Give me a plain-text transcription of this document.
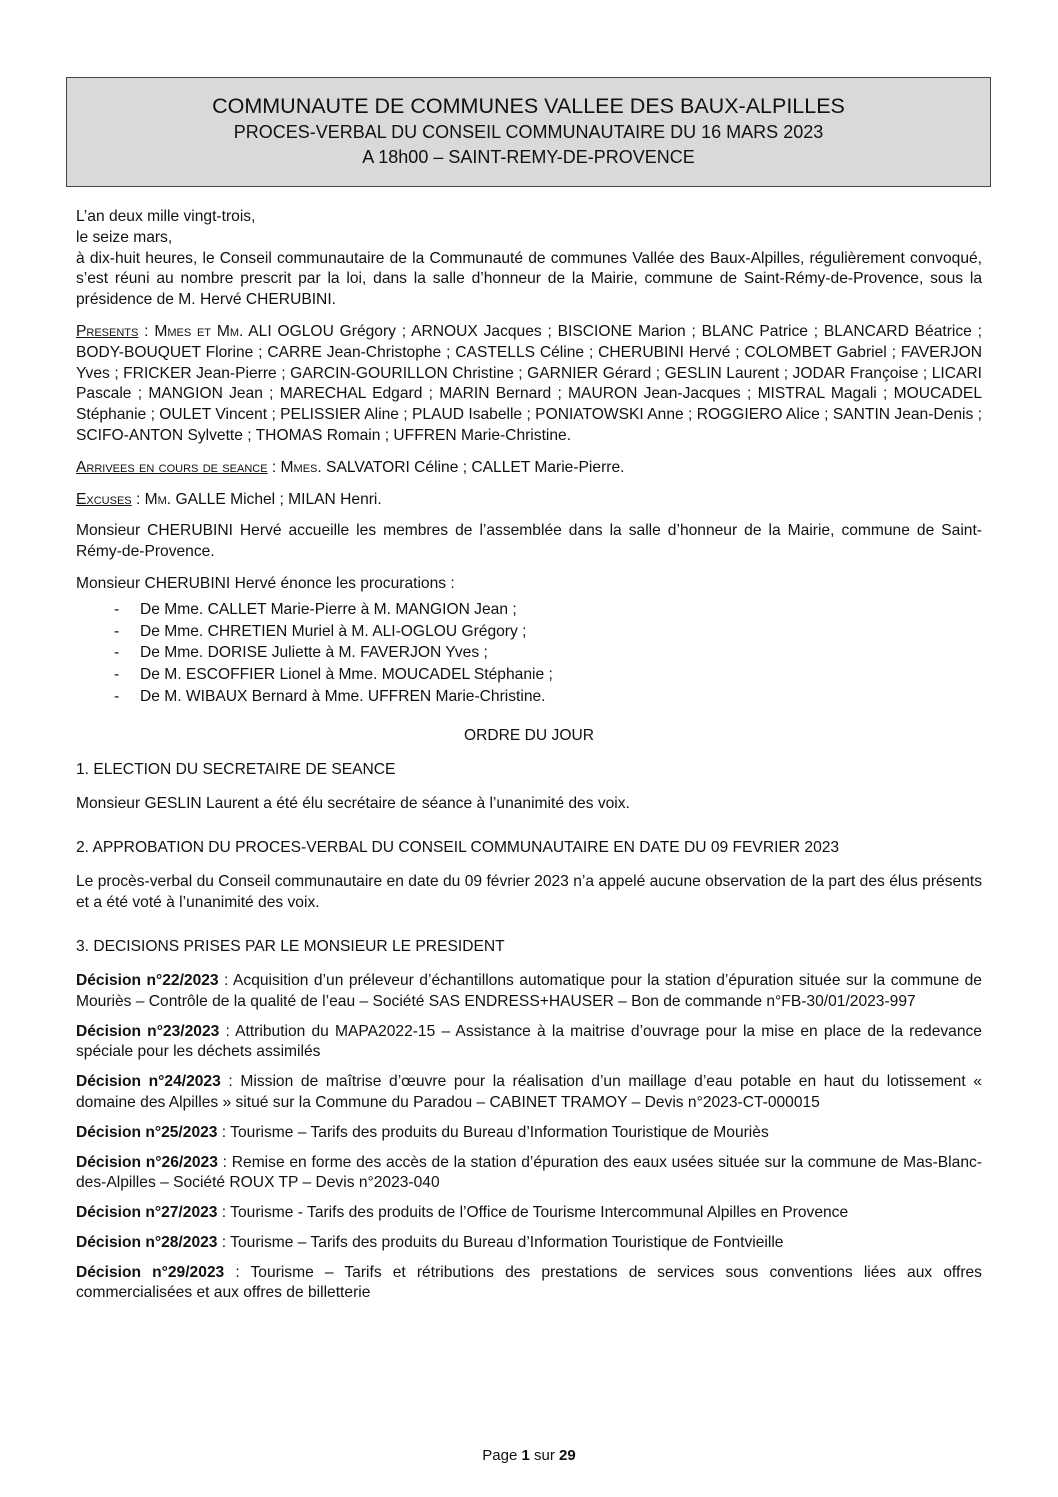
COMMUNAUTE DE COMMUNES VALLEE DES BAUX-ALPILLES
PROCES-VERBAL DU CONSEIL COMMUNAUTAIRE DU 16 MARS 2023
A 18h00 – SAINT-REMY-DE-PROVENCE

L’an deux mille vingt-trois,

le seize mars,

à dix-huit heures, le Conseil communautaire de la Communauté de communes Vallée des Baux-Alpilles, régulièrement convoqué, s’est réuni au nombre prescrit par la loi, dans la salle d’honneur de la Mairie, commune de Saint-Rémy-de-Provence, sous la présidence de M. Hervé CHERUBINI.

Presents : Mmes et Mm. ALI OGLOU Grégory ; ARNOUX Jacques ; BISCIONE Marion ; BLANC Patrice ; BLANCARD Béatrice ; BODY-BOUQUET Florine ; CARRE Jean-Christophe ; CASTELLS Céline ; CHERUBINI Hervé ; COLOMBET Gabriel ; FAVERJON Yves ; FRICKER Jean-Pierre ; GARCIN-GOURILLON Christine ; GARNIER Gérard ; GESLIN Laurent ; JODAR Françoise ; LICARI Pascale ; MANGION Jean ; MARECHAL Edgard ; MARIN Bernard ; MAURON Jean-Jacques ; MISTRAL Magali ; MOUCADEL Stéphanie ; OULET Vincent ; PELISSIER Aline ; PLAUD Isabelle ; PONIATOWSKI Anne ; ROGGIERO Alice ; SANTIN Jean-Denis ; SCIFO-ANTON Sylvette ; THOMAS Romain ; UFFREN Marie-Christine.

Arrivees en cours de seance : Mmes. SALVATORI Céline ; CALLET Marie-Pierre.

Excuses : Mm. GALLE Michel ; MILAN Henri.

Monsieur CHERUBINI Hervé accueille les membres de l’assemblée dans la salle d’honneur de la Mairie, commune de Saint-Rémy-de-Provence.

Monsieur CHERUBINI Hervé énonce les procurations :

- De Mme. CALLET Marie-Pierre à M. MANGION Jean ;
- De Mme. CHRETIEN Muriel à M. ALI-OGLOU Grégory ;
- De Mme. DORISE Juliette à M. FAVERJON Yves ;
- De M. ESCOFFIER Lionel à Mme. MOUCADEL Stéphanie ;
- De M. WIBAUX Bernard à Mme. UFFREN Marie-Christine.

ORDRE DU JOUR

1. ELECTION DU SECRETAIRE DE SEANCE

Monsieur GESLIN Laurent a été élu secrétaire de séance à l’unanimité des voix.

2. APPROBATION DU PROCES-VERBAL DU CONSEIL COMMUNAUTAIRE EN DATE DU 09 FEVRIER 2023

Le procès-verbal du Conseil communautaire en date du 09 février 2023 n’a appelé aucune observation de la part des élus présents et a été voté à l’unanimité des voix.

3. DECISIONS PRISES PAR LE MONSIEUR LE PRESIDENT

Décision n°22/2023 : Acquisition d’un préleveur d’échantillons automatique pour la station d’épuration située sur la commune de Mouriès – Contrôle de la qualité de l’eau – Société SAS ENDRESS+HAUSER – Bon de commande n°FB-30/01/2023-997

Décision n°23/2023 : Attribution du MAPA2022-15 – Assistance à la maitrise d’ouvrage pour la mise en place de la redevance spéciale pour les déchets assimilés

Décision n°24/2023 : Mission de maîtrise d’œuvre pour la réalisation d’un maillage d’eau potable en haut du lotissement « domaine des Alpilles » situé sur la Commune du Paradou – CABINET TRAMOY – Devis n°2023-CT-000015

Décision n°25/2023 : Tourisme – Tarifs des produits du Bureau d’Information Touristique de Mouriès

Décision n°26/2023 : Remise en forme des accès de la station d’épuration des eaux usées située sur la commune de Mas-Blanc-des-Alpilles – Société ROUX TP – Devis n°2023-040

Décision n°27/2023 : Tourisme - Tarifs des produits de l’Office de Tourisme Intercommunal Alpilles en Provence

Décision n°28/2023 : Tourisme – Tarifs des produits du Bureau d’Information Touristique de Fontvieille

Décision n°29/2023 : Tourisme – Tarifs et rétributions des prestations de services sous conventions liées aux offres commercialisées et aux offres de billetterie

Page 1 sur 29
